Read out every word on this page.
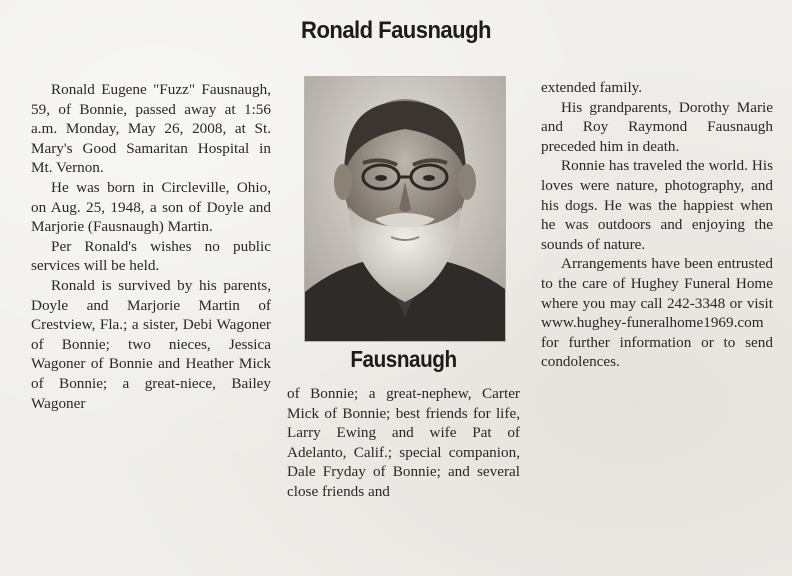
Ronald Fausnaugh

Ronald Eugene "Fuzz" Fausnaugh, 59, of Bonnie, passed away at 1:56 a.m. Monday, May 26, 2008, at St. Mary's Good Samaritan Hospital in Mt. Vernon.

He was born in Circleville, Ohio, on Aug. 25, 1948, a son of Doyle and Marjorie (Fausnaugh) Martin.

Per Ronald's wishes no public services will be held.

Ronald is survived by his parents, Doyle and Marjorie Martin of Crestview, Fla.; a sister, Debi Wagoner of Bonnie; two nieces, Jessica Wagoner of Bonnie and Heather Mick of Bonnie; a great-niece, Bailey Wagoner

Fausnaugh

of Bonnie; a great-nephew, Carter Mick of Bonnie; best friends for life, Larry Ewing and wife Pat of Adelanto, Calif.; special companion, Dale Fryday of Bonnie; and several close friends and

extended family.

His grandparents, Dorothy Marie and Roy Raymond Fausnaugh preceded him in death.

Ronnie has traveled the world. His loves were nature, photography, and his dogs. He was the happiest when he was outdoors and enjoying the sounds of nature.

Arrangements have been entrusted to the care of Hughey Funeral Home where you may call 242-3348 or visit www.hughey-funeralhome1969.com for further information or to send condolences.
